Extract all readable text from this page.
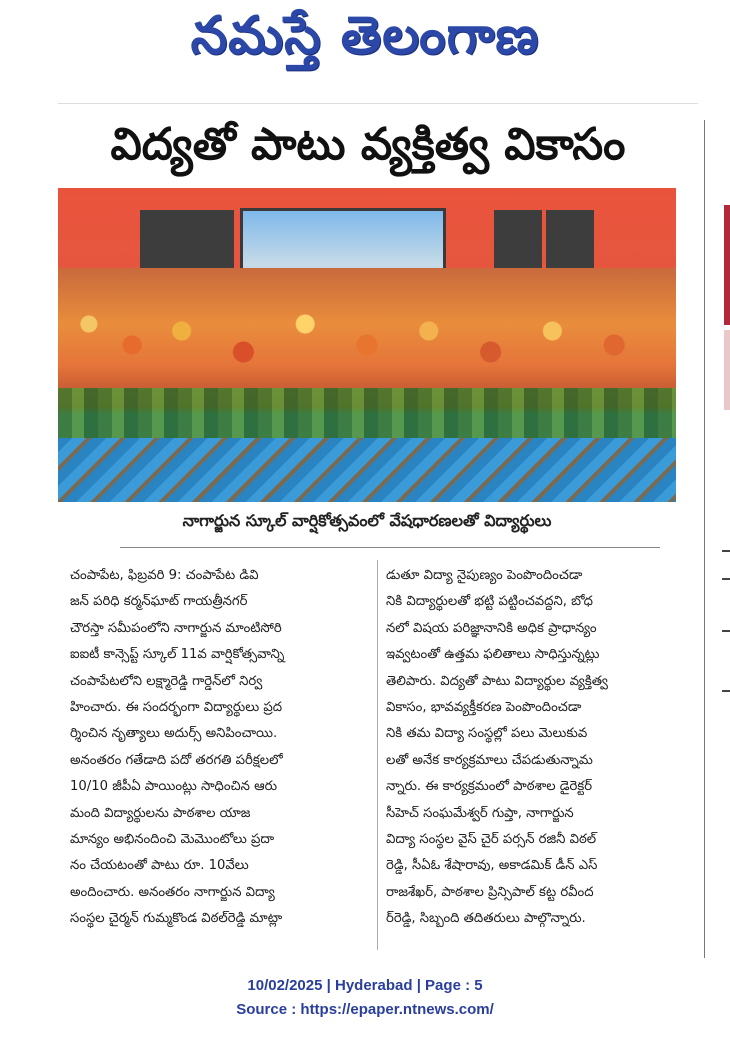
నమస్తే తెలంగాణ
విద్యతో పాటు వ్యక్తిత్వ వికాసం
నాగార్జున స్కూల్ వార్షికోత్సవంలో వేషధారణలతో విద్యార్థులు
చంపాపేట, ఫిబ్రవరి 9: చంపాపేట డివి
జన్ పరిధి కర్మన్‌ఘాట్ గాయత్రీనగర్
చౌరస్తా సమీపంలోని నాగార్జున మాంటిసోరి
ఐఐటీ కాన్సెప్ట్ స్కూల్ 11వ వార్షికోత్సవాన్ని
చంపాపేటలోని లక్ష్మారెడ్డి గార్డెన్‌లో నిర్వ
హించారు. ఈ సందర్భంగా విద్యార్థులు ప్రద
ర్శించిన నృత్యాలు అదుర్స్ అనిపించాయి.
అనంతరం గతేడాది పదో తరగతి పరీక్షలలో
10/10 జీపీఏ పాయింట్లు సాధించిన ఆరు
మంది విద్యార్థులను పాఠశాల యాజ
మాన్యం అభినందించి మెమొంటోలు ప్రదా
నం చేయటంతో పాటు రూ. 10వేలు
అందించారు. అనంతరం నాగార్జున విద్యా
సంస్థల చైర్మన్ గుమ్మకొండ విఠల్‌రెడ్డి మాట్లా
డుతూ విద్యా నైపుణ్యం పెంపొందించడా
నికి విద్యార్థులతో భట్టి పట్టించవద్దని, బోధ
నలో విషయ పరిజ్ఞానానికి అధిక ప్రాధాన్యం
ఇవ్వటంతో ఉత్తమ ఫలితాలు సాధిస్తున్నట్లు
తెలిపారు. విద్యతో పాటు విద్యార్థుల వ్యక్తిత్వ
వికాసం, భావవ్యక్తీకరణ పెంపొందించడా
నికి తమ విద్యా సంస్థల్లో పలు మెలుకువ
లతో అనేక కార్యక్రమాలు చేపడుతున్నామ
న్నారు. ఈ కార్యక్రమంలో పాఠశాల డైరెక్టర్
సీహెచ్ సంఘమేశ్వర్ గుప్తా, నాగార్జున
విద్యా సంస్థల వైస్ చైర్ పర్సన్ రజినీ విఠల్
రెడ్డి, సీఏఓ శేషారావు, అకాడమిక్ డీన్ ఎస్
రాజశేఖర్, పాఠశాల ప్రిన్సిపాల్ కట్ట రవీంద
ర్‌రెడ్డి, సిబ్బంది తదితరులు పాల్గొన్నారు.
10/02/2025 | Hyderabad | Page : 5
Source : https://epaper.ntnews.com/
